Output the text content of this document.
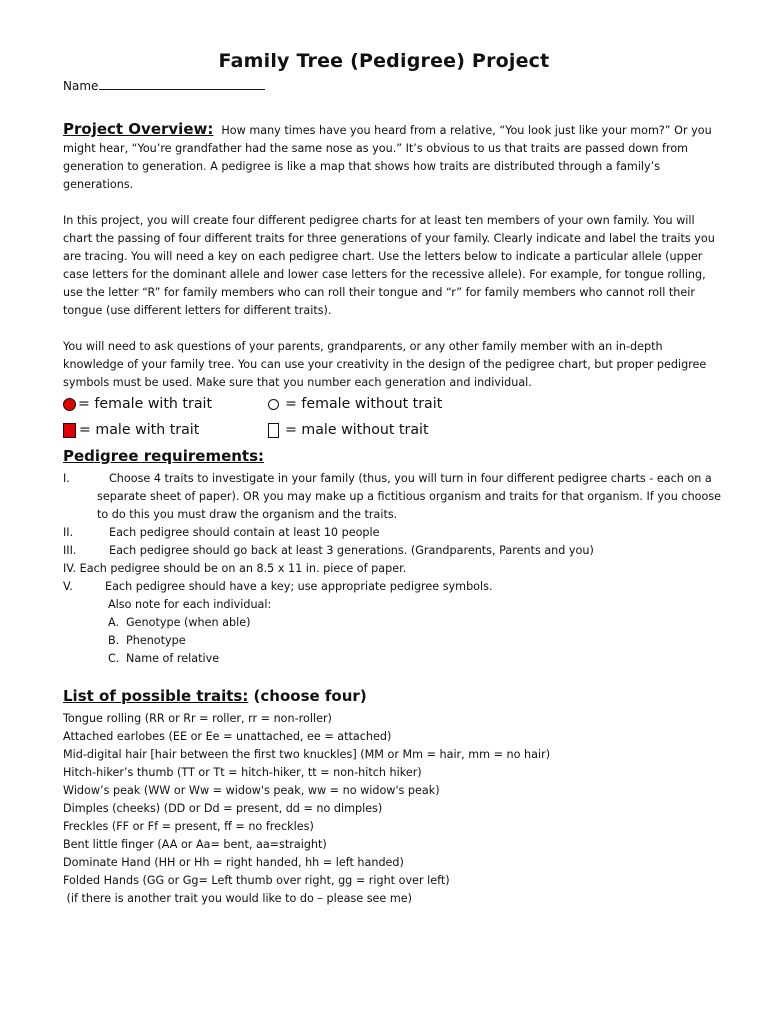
Family Tree (Pedigree) Project
Name

Project Overview: How many times have you heard from a relative, “You look just like your mom?” Or you might hear, “You’re grandfather had the same nose as you.” It’s obvious to us that traits are passed down from generation to generation. A pedigree is like a map that shows how traits are distributed through a family’s generations.

In this project, you will create four different pedigree charts for at least ten members of your own family. You will chart the passing of four different traits for three generations of your family. Clearly indicate and label the traits you are tracing. You will need a key on each pedigree chart. Use the letters below to indicate a particular allele (upper case letters for the dominant allele and lower case letters for the recessive allele). For example, for tongue rolling, use the letter “R” for family members who can roll their tongue and “r” for family members who cannot roll their tongue (use different letters for different traits).

You will need to ask questions of your parents, grandparents, or any other family member with an in-depth knowledge of your family tree. You can use your creativity in the design of the pedigree chart, but proper pedigree symbols must be used. Make sure that you number each generation and individual.

= female with trait	= female without trait
= male with trait	= male without trait
Pedigree requirements:
I.	Choose 4 traits to investigate in your family (thus, you will turn in four different pedigree charts - each on a separate sheet of paper). OR you may make up a fictitious organism and traits for that organism. If you choose to do this you must draw the organism and the traits.
II.	Each pedigree should contain at least 10 people
III.	Each pedigree should go back at least 3 generations. (Grandparents, Parents and you)
IV. Each pedigree should be on an 8.5 x 11 in. piece of paper.
V.	Each pedigree should have a key; use appropriate pedigree symbols.
Also note for each individual:
A. Genotype (when able)
B. Phenotype
C. Name of relative
List of possible traits: (choose four)
Tongue rolling (RR or Rr = roller, rr = non-roller)
Attached earlobes (EE or Ee = unattached, ee = attached)
Mid-digital hair [hair between the first two knuckles] (MM or Mm = hair, mm = no hair)
Hitch-hiker’s thumb (TT or Tt = hitch-hiker, tt = non-hitch hiker)
Widow’s peak (WW or Ww = widow's peak, ww = no widow's peak)
Dimples (cheeks) (DD or Dd = present, dd = no dimples)
Freckles (FF or Ff = present, ff = no freckles)
Bent little finger (AA or Aa= bent, aa=straight)
Dominate Hand (HH or Hh = right handed, hh = left handed)
Folded Hands (GG or Gg= Left thumb over right, gg = right over left)
(if there is another trait you would like to do – please see me)
